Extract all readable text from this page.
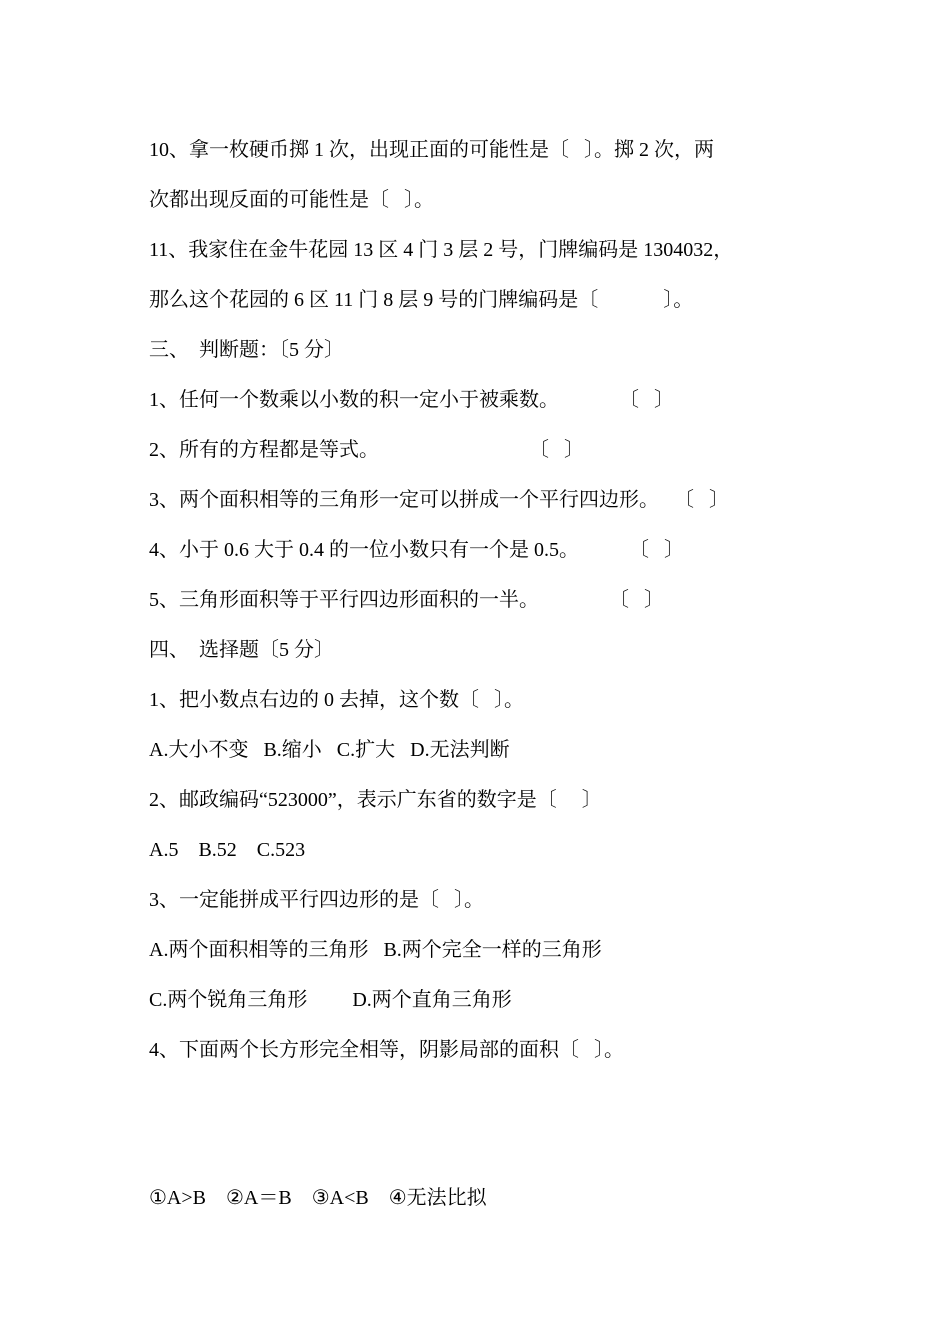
10、拿一枚硬币掷 1 次，出现正面的可能性是〔   〕。掷 2 次，两
次都出现反面的可能性是〔   〕。
11、我家住在金牛花园 13 区 4 门 3 层 2 号，门牌编码是 1304032，
那么这个花园的 6 区 11 门 8 层 9 号的门牌编码是〔             〕。
三、  判断题：〔5 分〕
1、任何一个数乘以小数的积一定小于被乘数。            〔   〕
2、所有的方程都是等式。                              〔   〕
3、两个面积相等的三角形一定可以拼成一个平行四边形。   〔   〕
4、小于 0.6 大于 0.4 的一位小数只有一个是 0.5。          〔   〕
5、三角形面积等于平行四边形面积的一半。              〔   〕
四、  选择题〔5 分〕
1、把小数点右边的 0 去掉，这个数〔   〕。
A.大小不变   B.缩小   C.扩大   D.无法判断
2、邮政编码“523000”，表示广东省的数字是〔     〕
A.5    B.52    C.523
3、一定能拼成平行四边形的是〔   〕。
A.两个面积相等的三角形   B.两个完全一样的三角形
C.两个锐角三角形         D.两个直角三角形
4、下面两个长方形完全相等，阴影局部的面积〔   〕。
①A>B    ②A＝B    ③A<B    ④无法比拟
